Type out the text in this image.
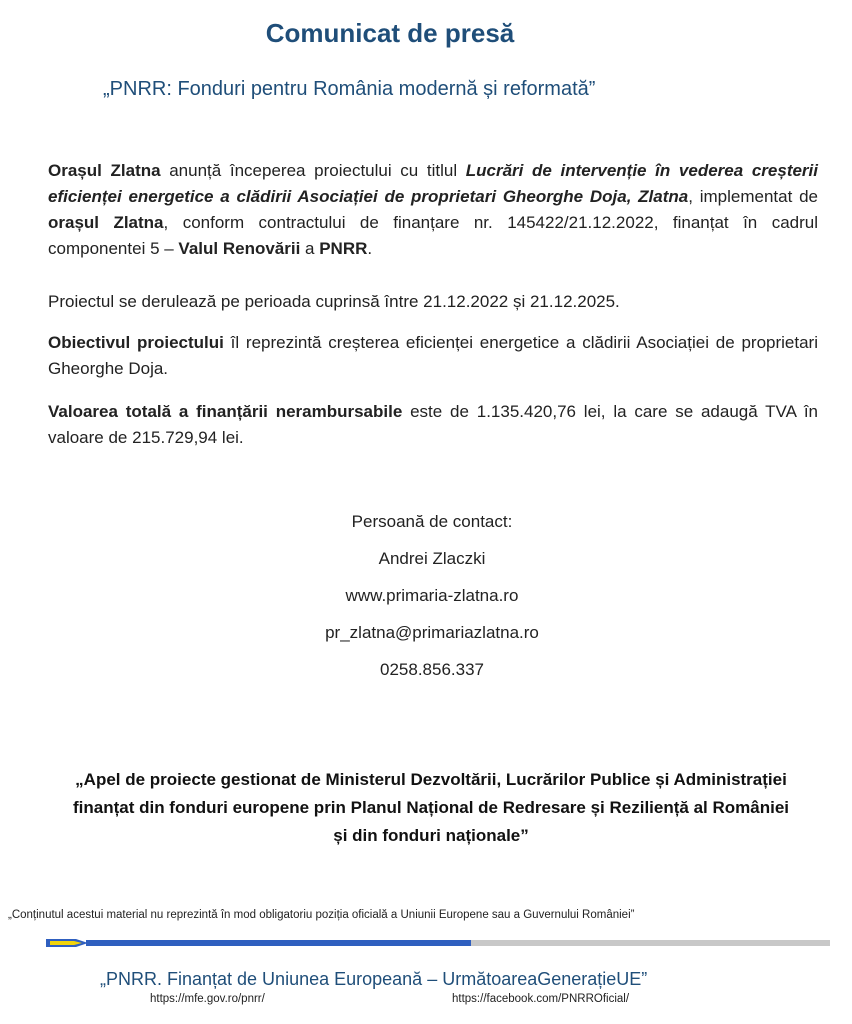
Comunicat de presă
„PNRR: Fonduri pentru România modernă și reformată”
Orașul Zlatna anunță începerea proiectului cu titlul Lucrări de intervenție în vederea creșterii eficienței energetice a clădirii Asociației de proprietari Gheorghe Doja, Zlatna, implementat de orașul Zlatna, conform contractului de finanțare nr. 145422/21.12.2022, finanțat în cadrul componentei 5 – Valul Renovării a PNRR.
Proiectul se derulează pe perioada cuprinsă între 21.12.2022 și 21.12.2025.
Obiectivul proiectului îl reprezintă creșterea eficienței energetice a clădirii Asociației de proprietari Gheorghe Doja.
Valoarea totală a finanțării nerambursabile este de 1.135.420,76 lei, la care se adaugă TVA în valoare de 215.729,94 lei.
Persoană de contact:
Andrei Zlaczki
www.primaria-zlatna.ro
pr_zlatna@primariazlatna.ro
0258.856.337
„Apel de proiecte gestionat de Ministerul Dezvoltării, Lucrărilor Publice și Administrației
finanțat din fonduri europene prin Planul Național de Redresare și Reziliență al României
și din fonduri naționale”
„Conținutul acestui material nu reprezintă în mod obligatoriu poziția oficială a Uniunii Europene sau a Guvernului României”
„PNRR. Finanțat de Uniunea Europeană – UrmătoareaGenerațieUE”
https://mfe.gov.ro/pnrr/	https://facebook.com/PNRROficial/
